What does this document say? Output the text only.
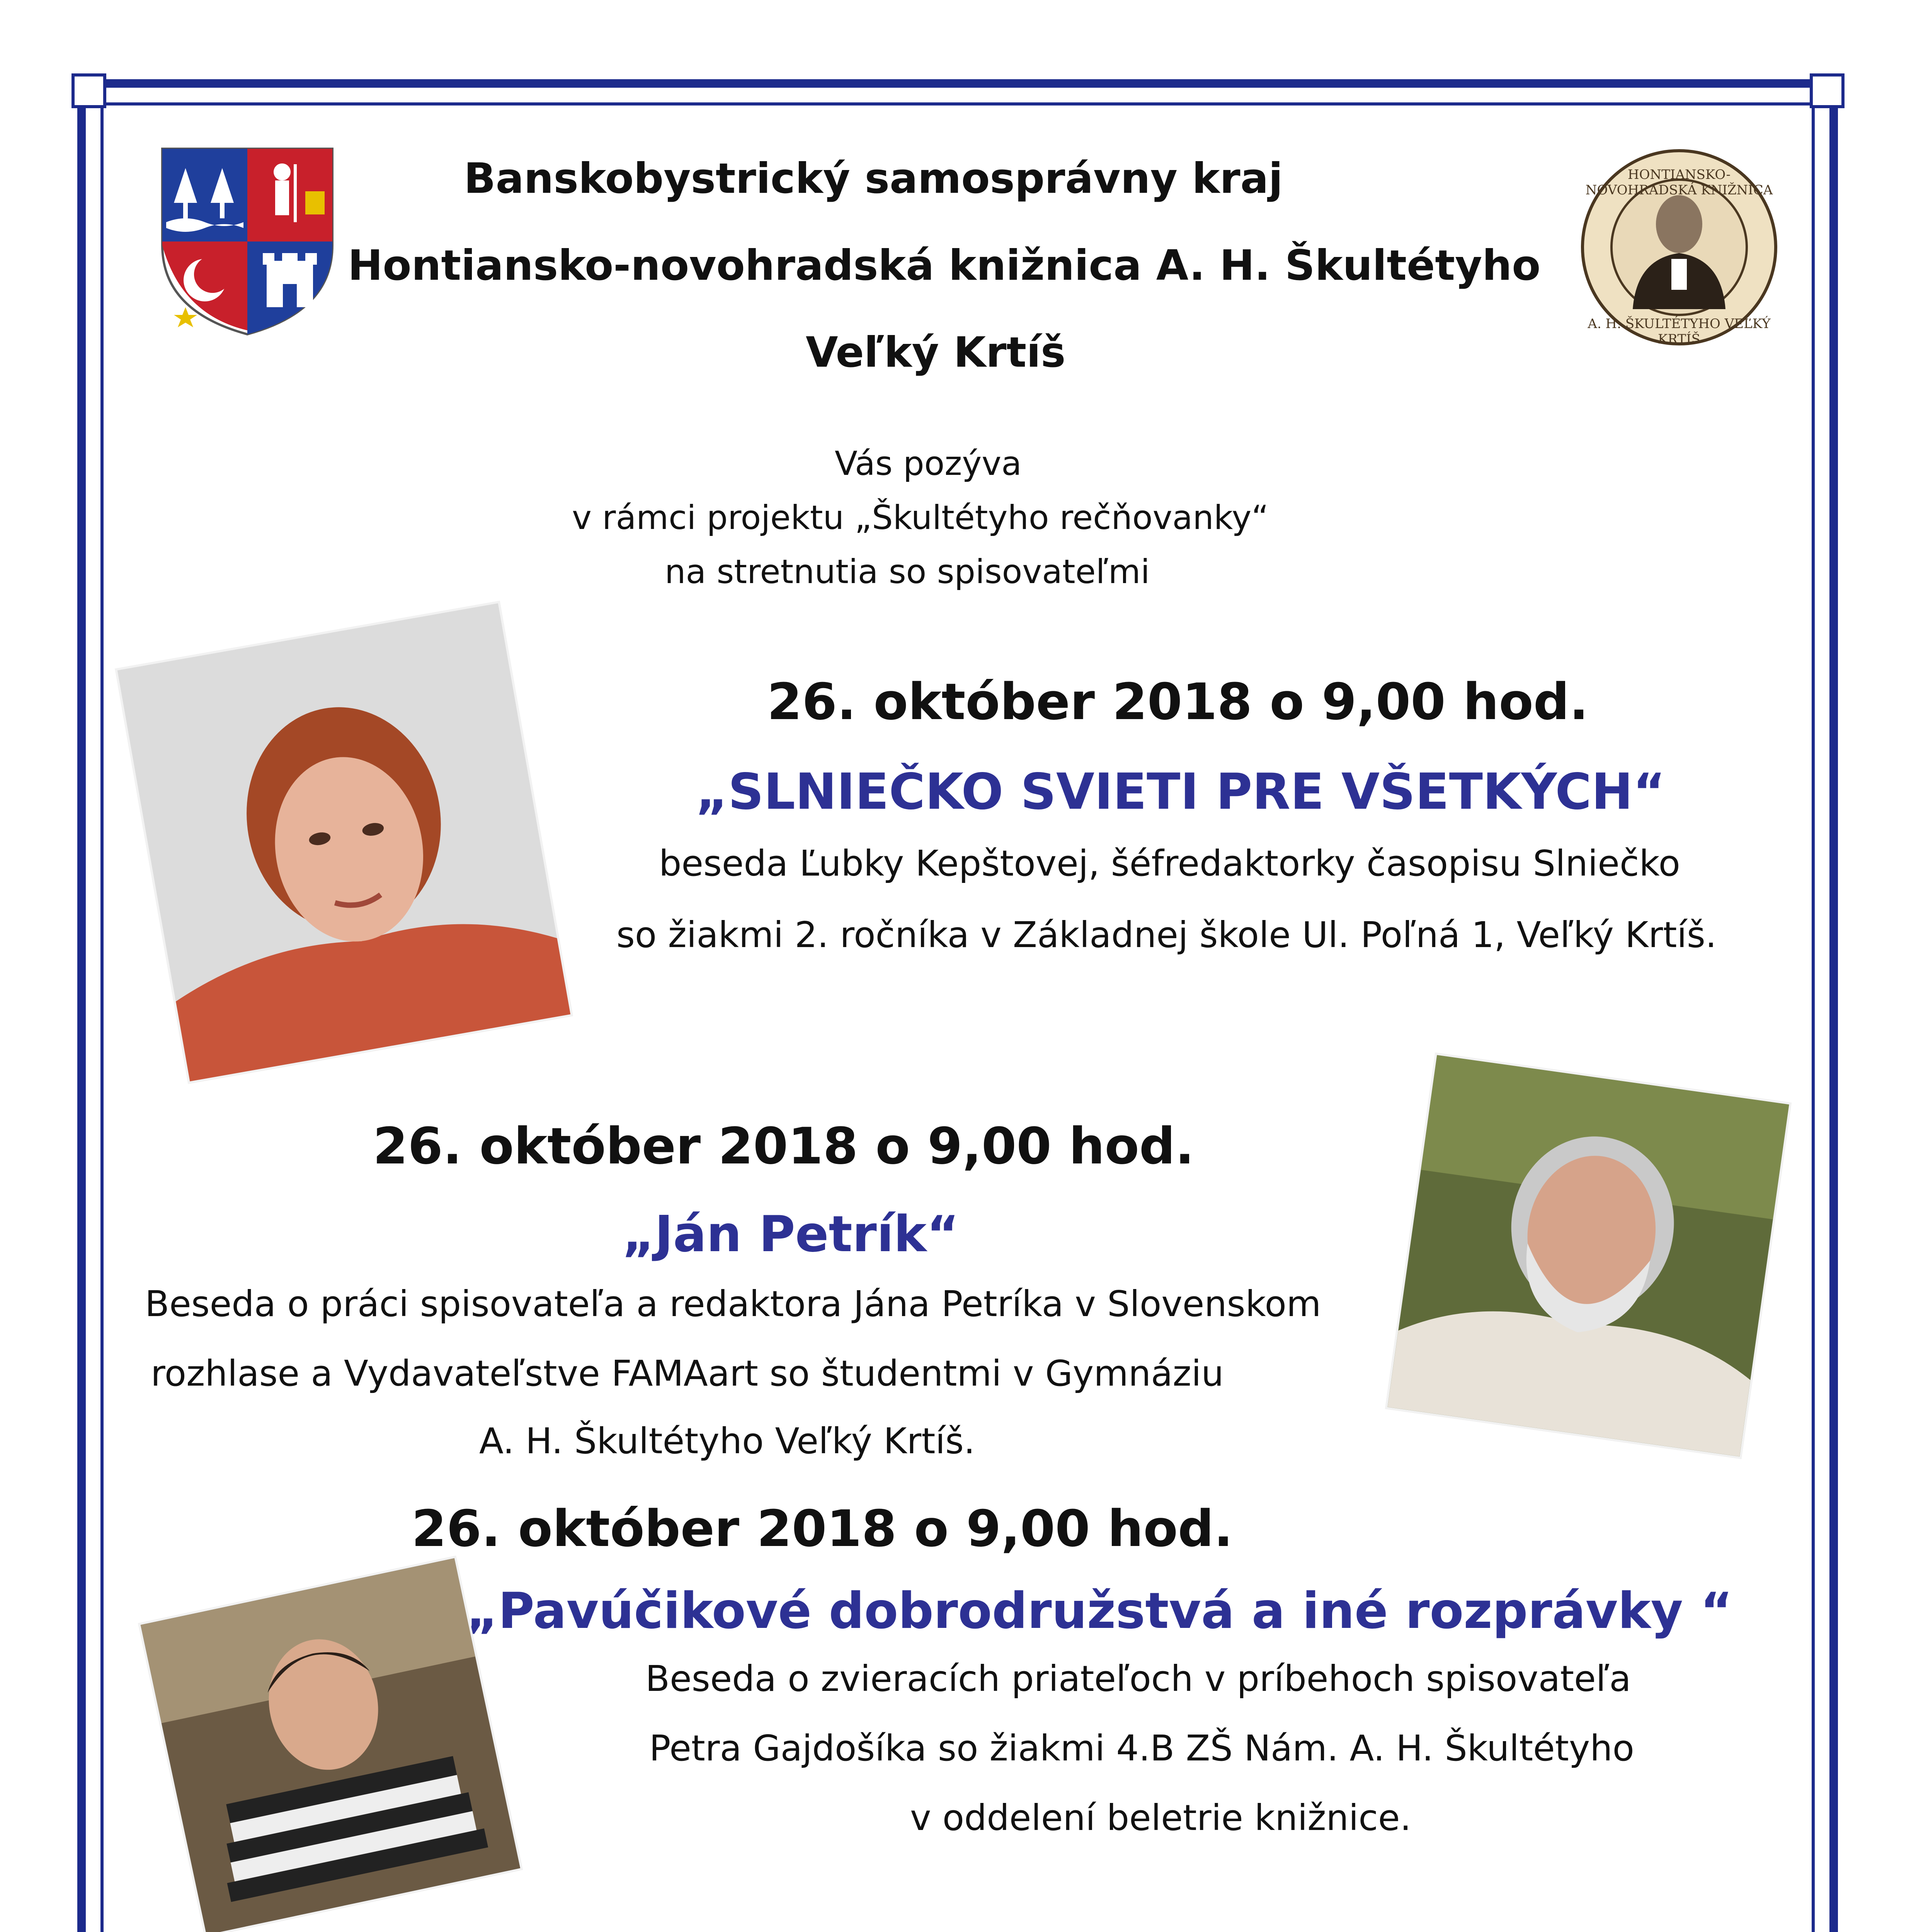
Banskobystrický samosprávny kraj
Hontiansko-novohradská knižnica A. H. Škultétyho
Veľký Krtíš
HONTIANSKO-NOVOHRADSKÁ KNIŽNICA
A. H. ŠKULTÉTYHO VEĽKÝ KRTÍŠ
Vás pozýva
v rámci projektu „Škultétyho rečňovanky“
na stretnutia so spisovateľmi
26. október 2018 o 9,00 hod.
„SLNIEČKO SVIETI PRE VŠETKÝCH“
beseda Ľubky Kepštovej, šéfredaktorky časopisu Slniečko
so žiakmi 2. ročníka v Základnej škole Ul. Poľná 1, Veľký Krtíš.
26. október 2018 o 9,00 hod.
„Ján Petrík“
Beseda o práci spisovateľa a redaktora Jána Petríka v Slovenskom
rozhlase a Vydavateľstve FAMAart so študentmi v Gymnáziu
A. H. Škultétyho Veľký Krtíš.
26. október 2018 o 9,00 hod.
„Pavúčikové dobrodružstvá a iné rozprávky “
Beseda o zvieracích priateľoch v príbehoch spisovateľa
Petra Gajdošíka so žiakmi 4.B ZŠ Nám. A. H. Škultétyho
v oddelení beletrie knižnice.
